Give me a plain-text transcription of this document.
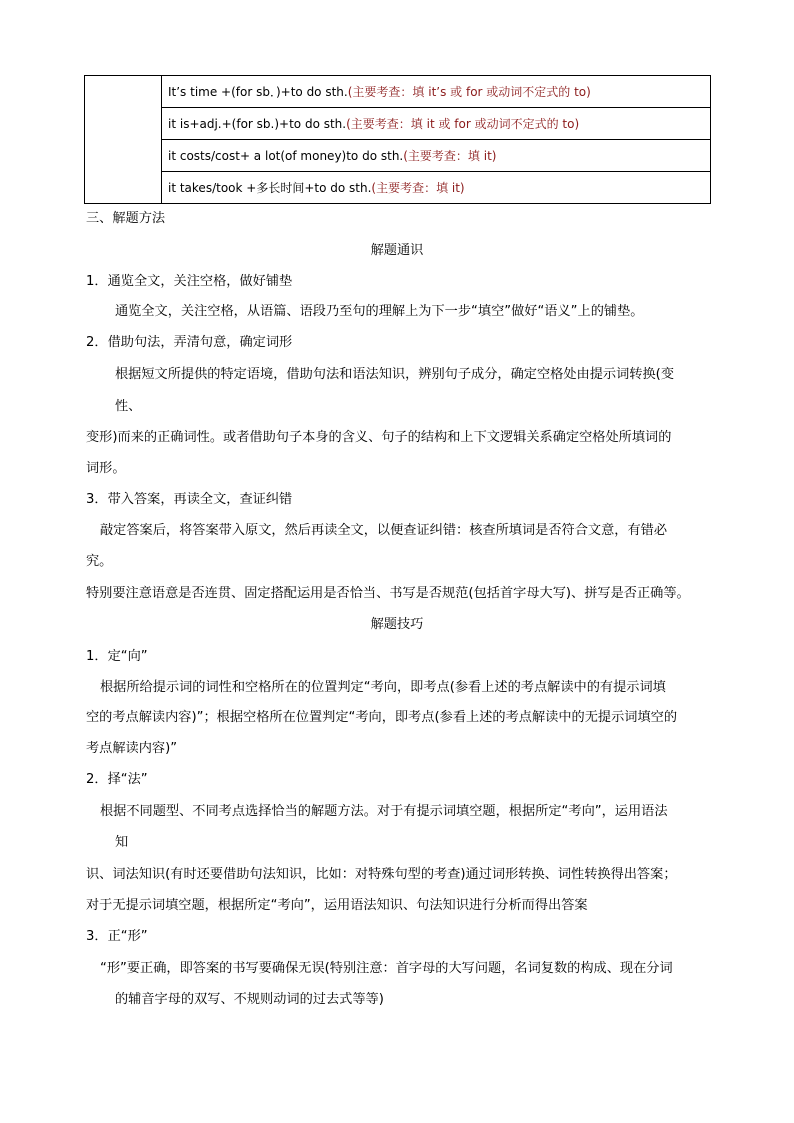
	It’s time +(for sb．)+to do sth.(主要考查：填 it’s 或 for 或动词不定式的 to)
it is+adj.+(for sb.)+to do sth.(主要考查：填 it 或 for 或动词不定式的 to)
it costs/cost+ a lot(of money)to do sth.(主要考查：填 it)
it takes/took +多长时间+to do sth.(主要考查：填 it)
三、解题方法
解题通识
1．通览全文，关注空格，做好铺垫
通览全文，关注空格，从语篇、语段乃至句的理解上为下一步“填空”做好“语义”上的铺垫。
2．借助句法，弄清句意，确定词形
根据短文所提供的特定语境，借助句法和语法知识，辨别句子成分，确定空格处由提示词转换(变
性、
变形)而来的正确词性。或者借助句子本身的含义、句子的结构和上下文逻辑关系确定空格处所填词的
词形。
3．带入答案，再读全文，查证纠错
敲定答案后，将答案带入原文，然后再读全文，以便查证纠错：核查所填词是否符合文意，有错必
究。
特别要注意语意是否连贯、固定搭配运用是否恰当、书写是否规范(包括首字母大写)、拼写是否正确等。
解题技巧
1．定“向”
根据所给提示词的词性和空格所在的位置判定“考向，即考点(参看上述的考点解读中的有提示词填
空的考点解读内容)”；根据空格所在位置判定“考向，即考点(参看上述的考点解读中的无提示词填空的
考点解读内容)”
2．择“法”
根据不同题型、不同考点选择恰当的解题方法。对于有提示词填空题，根据所定“考向”，运用语法
知
识、词法知识(有时还要借助句法知识，比如：对特殊句型的考查)通过词形转换、词性转换得出答案；
对于无提示词填空题，根据所定“考向”，运用语法知识、句法知识进行分析而得出答案
3．正“形”
“形”要正确，即答案的书写要确保无误(特别注意：首字母的大写问题，名词复数的构成、现在分词
的辅音字母的双写、不规则动词的过去式等等)
